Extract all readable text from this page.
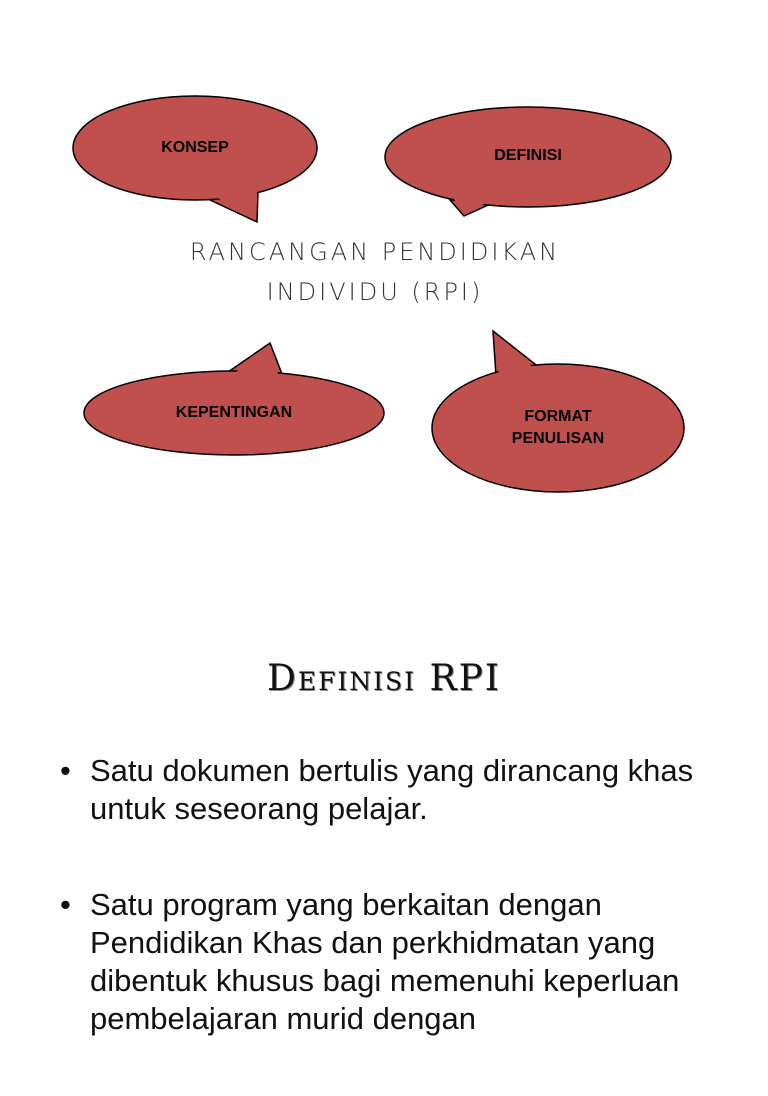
KONSEP	DEFINISI
KEPENTINGAN	FORMAT
PENULISAN
RANCANGAN PENDIDIKAN
INDIVIDU (RPI)
Definisi RPI
• Satu dokumen bertulis yang dirancang khas untuk seseorang pelajar.
• Satu program yang berkaitan dengan Pendidikan Khas dan perkhidmatan yang dibentuk khusus bagi memenuhi keperluan pembelajaran murid dengan
